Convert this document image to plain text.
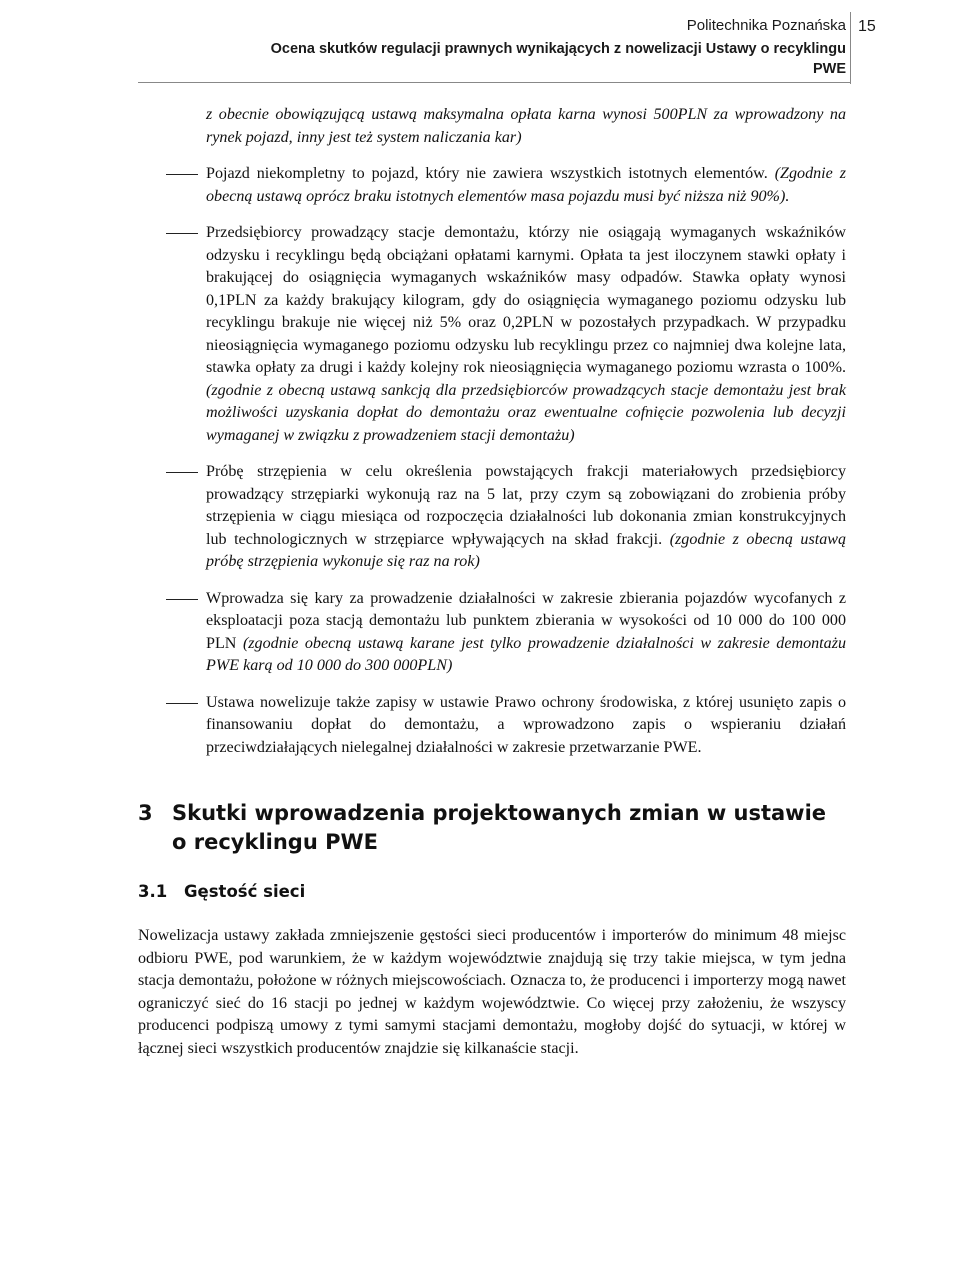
Politechnika Poznańska
Ocena skutków regulacji prawnych wynikających z nowelizacji Ustawy o recyklingu
PWE
15

z obecnie obowiązującą ustawą maksymalna opłata karna wynosi 500PLN za wprowadzony na rynek pojazd, inny jest też system naliczania kar)

Pojazd niekompletny to pojazd, który nie zawiera wszystkich istotnych elementów. (Zgodnie z obecną ustawą oprócz braku istotnych elementów masa pojazdu musi być niższa niż 90%).
Przedsiębiorcy prowadzący stacje demontażu, którzy nie osiągają wymaganych wskaźników odzysku i recyklingu będą obciążani opłatami karnymi. Opłata ta jest iloczynem stawki opłaty i brakującej do osiągnięcia wymaganych wskaźników masy odpadów. Stawka opłaty wynosi 0,1PLN za każdy brakujący kilogram, gdy do osiągnięcia wymaganego poziomu odzysku lub recyklingu brakuje nie więcej niż 5% oraz 0,2PLN w pozostałych przypadkach. W przypadku nieosiągnięcia wymaganego poziomu odzysku lub recyklingu przez co najmniej dwa kolejne lata, stawka opłaty za drugi i każdy kolejny rok nieosiągnięcia wymaganego poziomu wzrasta o 100%. (zgodnie z obecną ustawą sankcją dla przedsiębiorców prowadzących stacje demontażu jest brak możliwości uzyskania dopłat do demontażu oraz ewentualne cofnięcie pozwolenia lub decyzji wymaganej w związku z prowadzeniem stacji demontażu)
Próbę strzępienia w celu określenia powstających frakcji materiałowych przedsiębiorcy prowadzący strzępiarki wykonują raz na 5 lat, przy czym są zobowiązani do zrobienia próby strzępienia w ciągu miesiąca od rozpoczęcia działalności lub dokonania zmian konstrukcyjnych lub technologicznych w strzępiarce wpływających na skład frakcji. (zgodnie z obecną ustawą próbę strzępienia wykonuje się raz na rok)
Wprowadza się kary za prowadzenie działalności w zakresie zbierania pojazdów wycofanych z eksploatacji poza stacją demontażu lub punktem zbierania w wysokości od 10 000 do 100 000 PLN (zgodnie obecną ustawą karane jest tylko prowadzenie działalności w zakresie demontażu PWE karą od 10 000 do 300 000PLN)
Ustawa nowelizuje także zapisy w ustawie Prawo ochrony środowiska, z której usunięto zapis o finansowaniu dopłat do demontażu, a wprowadzono zapis o wspieraniu działań przeciwdziałających nielegalnej działalności w zakresie przetwarzanie PWE.
3 Skutki wprowadzenia projektowanych zmian w ustawie o recyklingu PWE
3.1 Gęstość sieci

Nowelizacja ustawy zakłada zmniejszenie gęstości sieci producentów i importerów do minimum 48 miejsc odbioru PWE, pod warunkiem, że w każdym województwie znajdują się trzy takie miejsca, w tym jedna stacja demontażu, położone w różnych miejscowościach. Oznacza to, że producenci i importerzy mogą nawet ograniczyć sieć do 16 stacji po jednej w każdym województwie. Co więcej przy założeniu, że wszyscy producenci podpiszą umowy z tymi samymi stacjami demontażu, mogłoby dojść do sytuacji, w której w łącznej sieci wszystkich producentów znajdzie się kilkanaście stacji.
